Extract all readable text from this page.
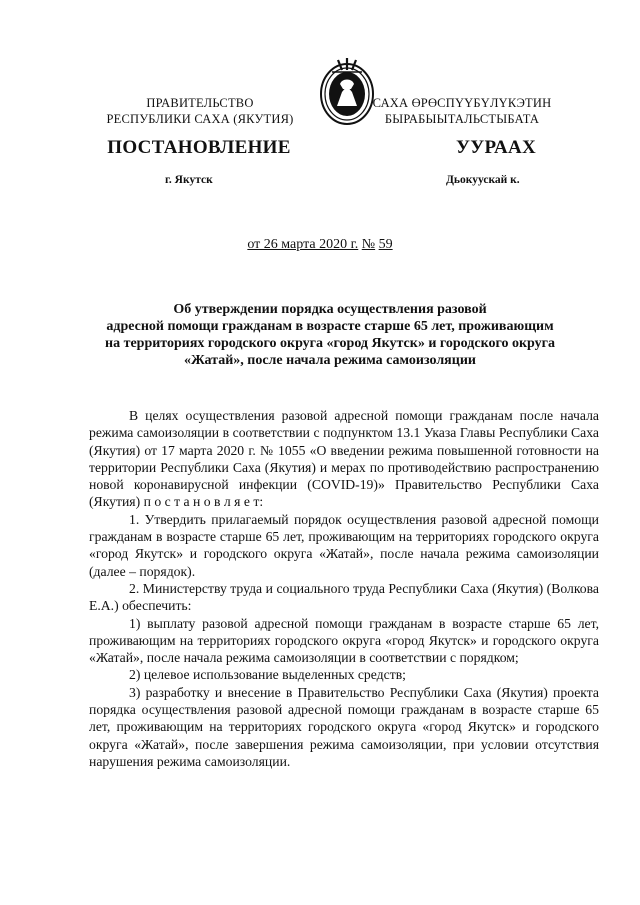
ПРАВИТЕЛЬСТВО
РЕСПУБЛИКИ САХА (ЯКУТИЯ)
САХА ӨРӨСПҮҮБҮЛҮКЭТИН
БЫРАБЫЫТАЛЬСТЫБАТА
ПОСТАНОВЛЕНИЕ	УУРААХ
г. Якутск	Дьокуускай к.
от 26 марта 2020 г. № 59
Об утверждении порядка осуществления разовой
адресной помощи гражданам в возрасте старше 65 лет, проживающим
на территориях городского округа «город Якутск» и городского округа
«Жатай», после начала режима самоизоляции

В целях осуществления разовой адресной помощи гражданам после начала режима самоизоляции в соответствии с подпунктом 13.1 Указа Главы Республики Саха (Якутия) от 17 марта 2020 г. № 1055 «О введении режима повышенной готовности на территории Республики Саха (Якутия) и мерах по противодействию распространению новой коронавирусной инфекции (COVID-19)» Правительство Республики Саха (Якутия) п о с т а н о в л я е т:

1. Утвердить прилагаемый порядок осуществления разовой адресной помощи гражданам в возрасте старше 65 лет, проживающим на территориях городского округа «город Якутск» и городского округа «Жатай», после начала режима самоизоляции (далее – порядок).

2. Министерству труда и социального труда Республики Саха (Якутия) (Волкова Е.А.) обеспечить:

1) выплату разовой адресной помощи гражданам в возрасте старше 65 лет, проживающим на территориях городского округа «город Якутск» и городского округа «Жатай», после начала режима самоизоляции в соответствии с порядком;

2) целевое использование выделенных средств;

3) разработку и внесение в Правительство Республики Саха (Якутия) проекта порядка осуществления разовой адресной помощи гражданам в возрасте старше 65 лет, проживающим на территориях городского округа «город Якутск» и городского округа «Жатай», после завершения режима самоизоляции, при условии отсутствия нарушения режима самоизоляции.
